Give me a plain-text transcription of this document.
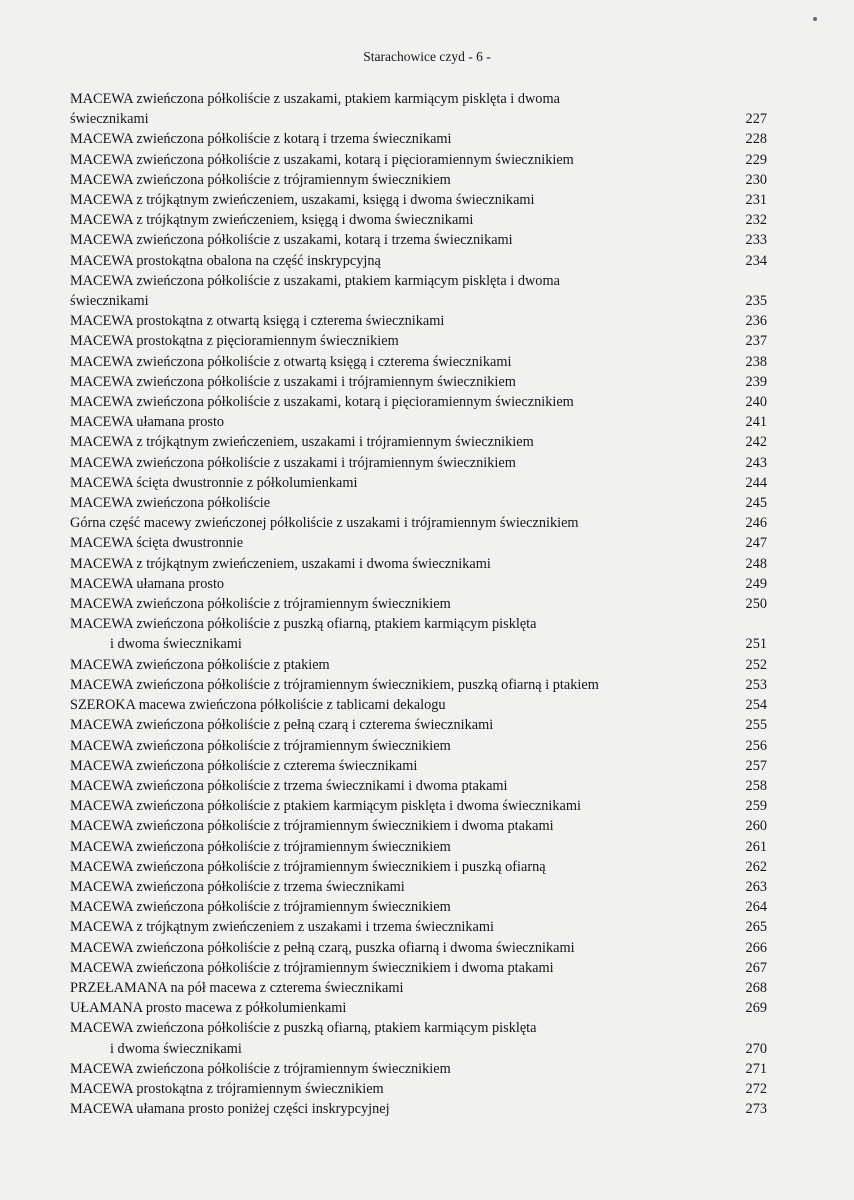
Starachowice czyd - 6 -
MACEWA zwieńczona półkoliście z uszakami, ptakiem karmiącym pisklęta i dwoma
świecznikami	227
MACEWA zwieńczona półkoliście z kotarą i trzema świecznikami	228
MACEWA zwieńczona półkoliście z uszakami, kotarą i pięcioramiennym świecznikiem	229
MACEWA zwieńczona półkoliście z trójramiennym świecznikiem	230
MACEWA z trójkątnym zwieńczeniem, uszakami, księgą i dwoma świecznikami	231
MACEWA z trójkątnym zwieńczeniem, księgą i dwoma świecznikami	232
MACEWA zwieńczona półkoliście z uszakami, kotarą i trzema świecznikami	233
MACEWA prostokątna obalona na część inskrypcyjną	234
MACEWA zwieńczona półkoliście z uszakami, ptakiem karmiącym pisklęta i dwoma
świecznikami	235
MACEWA prostokątna z otwartą księgą i czterema świecznikami	236
MACEWA prostokątna z pięcioramiennym świecznikiem	237
MACEWA zwieńczona półkoliście z otwartą księgą i czterema świecznikami	238
MACEWA zwieńczona półkoliście z uszakami i trójramiennym świecznikiem	239
MACEWA zwieńczona półkoliście z uszakami, kotarą i pięcioramiennym świecznikiem	240
MACEWA ułamana prosto	241
MACEWA z trójkątnym zwieńczeniem, uszakami i trójramiennym świecznikiem	242
MACEWA zwieńczona półkoliście z uszakami i trójramiennym świecznikiem	243
MACEWA ścięta dwustronnie z półkolumienkami	244
MACEWA zwieńczona półkoliście	245
Górna część macewy zwieńczonej półkoliście z uszakami i trójramiennym świecznikiem	246
MACEWA ścięta dwustronnie	247
MACEWA z trójkątnym zwieńczeniem, uszakami i dwoma świecznikami	248
MACEWA ułamana prosto	249
MACEWA zwieńczona półkoliście z trójramiennym świecznikiem	250
MACEWA zwieńczona półkoliście z puszką ofiarną, ptakiem karmiącym pisklęta
i dwoma świecznikami	251
MACEWA zwieńczona półkoliście z ptakiem	252
MACEWA zwieńczona półkoliście z trójramiennym świecznikiem, puszką ofiarną i ptakiem	253
SZEROKA macewa zwieńczona półkoliście z tablicami dekalogu	254
MACEWA zwieńczona półkoliście z pełną czarą i czterema świecznikami	255
MACEWA zwieńczona półkoliście z trójramiennym świecznikiem	256
MACEWA zwieńczona półkoliście z czterema świecznikami	257
MACEWA zwieńczona półkoliście z trzema świecznikami i dwoma ptakami	258
MACEWA zwieńczona półkoliście z ptakiem karmiącym pisklęta i dwoma świecznikami	259
MACEWA zwieńczona półkoliście z trójramiennym świecznikiem i dwoma ptakami	260
MACEWA zwieńczona półkoliście z trójramiennym świecznikiem	261
MACEWA zwieńczona półkoliście z trójramiennym świecznikiem i puszką ofiarną	262
MACEWA zwieńczona półkoliście z trzema świecznikami	263
MACEWA zwieńczona półkoliście z trójramiennym świecznikiem	264
MACEWA z trójkątnym zwieńczeniem z uszakami i trzema świecznikami	265
MACEWA zwieńczona półkoliście z pełną czarą, puszka ofiarną i dwoma świecznikami	266
MACEWA zwieńczona półkoliście z trójramiennym świecznikiem i dwoma ptakami	267
PRZEŁAMANA na pół macewa z czterema świecznikami	268
UŁAMANA prosto macewa z półkolumienkami	269
MACEWA zwieńczona półkoliście z puszką ofiarną, ptakiem karmiącym pisklęta
i dwoma świecznikami	270
MACEWA zwieńczona półkoliście z trójramiennym świecznikiem	271
MACEWA prostokątna z trójramiennym świecznikiem	272
MACEWA ułamana prosto poniżej części inskrypcyjnej	273
